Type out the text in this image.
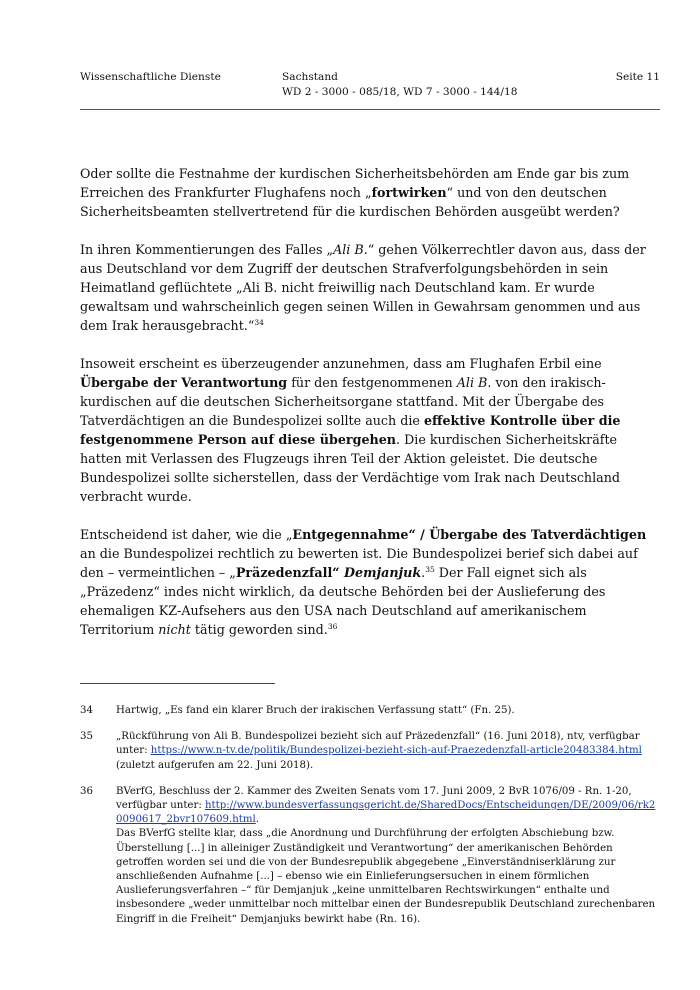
Wissenschaftliche Dienste	Sachstand
WD 2 - 3000 - 085/18, WD 7 - 3000 - 144/18
Seite 11

Oder sollte die Festnahme der kurdischen Sicherheitsbehörden am Ende gar bis zum Erreichen des Frankfurter Flughafens noch „fortwirken“ und von den deutschen Sicherheitsbeamten stellvertretend für die kurdischen Behörden ausgeübt werden?

In ihren Kommentierungen des Falles „Ali B.“ gehen Völkerrechtler davon aus, dass der aus Deutschland vor dem Zugriff der deutschen Strafverfolgungsbehörden in sein Heimatland geflüchtete „Ali B. nicht freiwillig nach Deutschland kam. Er wurde gewaltsam und wahrscheinlich gegen seinen Willen in Gewahrsam genommen und aus dem Irak herausgebracht.“$^{34}$

Insoweit erscheint es überzeugender anzunehmen, dass am Flughafen Erbil eine Übergabe der Verantwortung für den festgenommenen Ali B. von den irakisch-kurdischen auf die deutschen Sicherheitsorgane stattfand. Mit der Übergabe des Tatverdächtigen an die Bundespolizei sollte auch die effektive Kontrolle über die festgenommene Person auf diese übergehen. Die kurdischen Sicherheitskräfte hatten mit Verlassen des Flugzeugs ihren Teil der Aktion geleistet. Die deutsche Bundespolizei sollte sicherstellen, dass der Verdächtige vom Irak nach Deutschland verbracht wurde.

Entscheidend ist daher, wie die „Entgegennahme“ / Übergabe des Tatverdächtigen an die Bundespolizei rechtlich zu bewerten ist. Die Bundespolizei berief sich dabei auf den – vermeintlichen – „Präzedenzfall“ Demjanjuk.$^{35}$ Der Fall eignet sich als „Präzedenz“ indes nicht wirklich, da deutsche Behörden bei der Auslieferung des ehemaligen KZ-Aufsehers aus den USA nach Deutschland auf amerikanischem Territorium nicht tätig geworden sind.$^{36}$

34	Hartwig, „Es fand ein klarer Bruch der irakischen Verfassung statt“ (Fn. 25).
35	„Rückführung von Ali B. Bundespolizei bezieht sich auf Präzedenzfall“ (16. Juni 2018), ntv, verfügbar unter: https://www.n-tv.de/politik/Bundespolizei-bezieht-sich-auf-Praezedenzfall-article20483384.html (zuletzt aufgerufen am 22. Juni 2018).
36	BVerfG, Beschluss der 2. Kammer des Zweiten Senats vom 17. Juni 2009, 2 BvR 1076/09 - Rn. 1-20, verfügbar unter: http://www.bundesverfassungsgericht.de/SharedDocs/Entscheidungen/DE/2009/06/rk20090617_2bvr107609.html.
Das BVerfG stellte klar, dass „die Anordnung und Durchführung der erfolgten Abschiebung bzw. Überstellung [...] in alleiniger Zuständigkeit und Verantwortung“ der amerikanischen Behörden getroffen worden sei und die von der Bundesrepublik abgegebene „Einverständniserklärung zur anschließenden Aufnahme [...] – ebenso wie ein Einlieferungsersuchen in einem förmlichen Auslieferungsverfahren –“ für Demjanjuk „keine unmittelbaren Rechtswirkungen“ enthalte und insbesondere „weder unmittelbar noch mittelbar einen der Bundesrepublik Deutschland zurechenbaren Eingriff in die Freiheit“ Demjanjuks bewirkt habe (Rn. 16).
